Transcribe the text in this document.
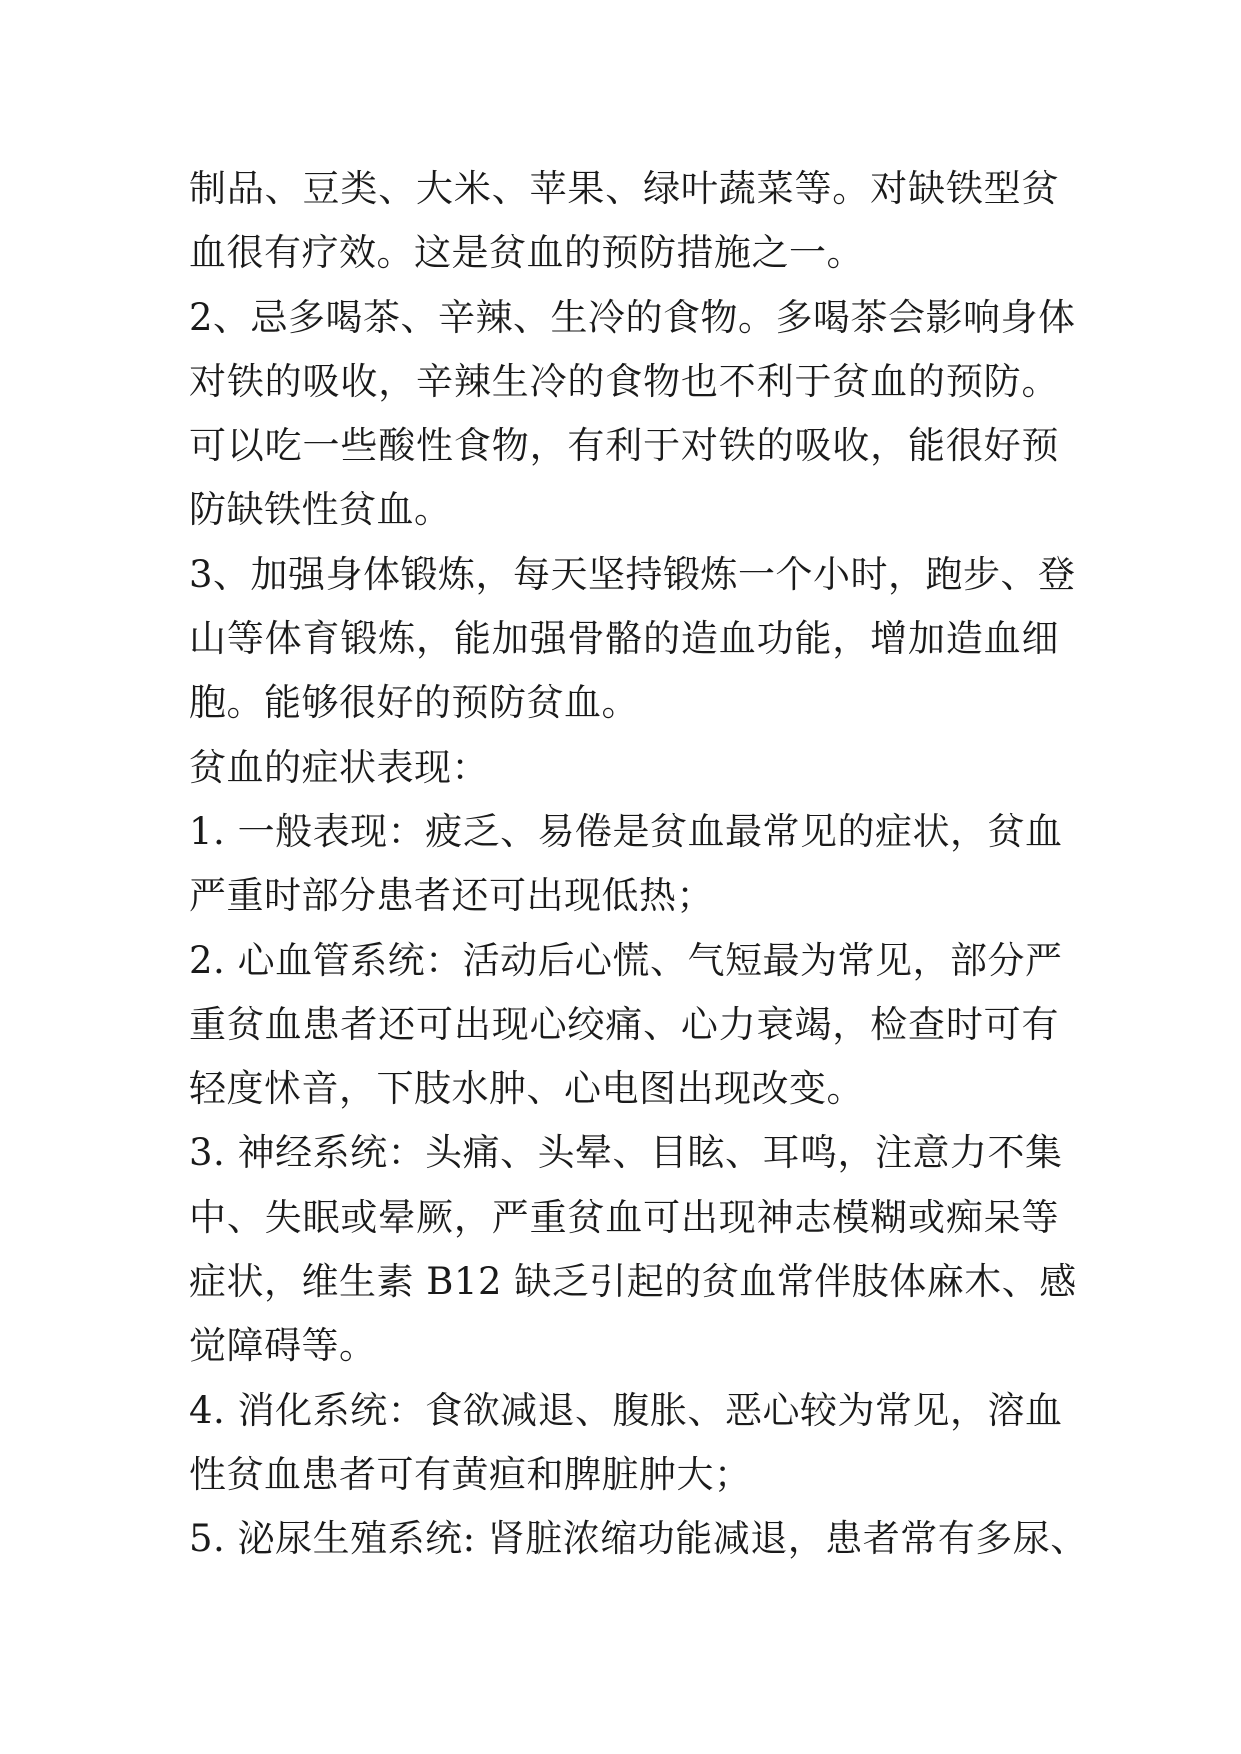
制品、豆类、大米、苹果、绿叶蔬菜等。对缺铁型贫
血很有疗效。这是贫血的预防措施之一。
2、忌多喝茶、辛辣、生冷的食物。多喝茶会影响身体
对铁的吸收，辛辣生冷的食物也不利于贫血的预防。
可以吃一些酸性食物，有利于对铁的吸收，能很好预
防缺铁性贫血。
3、加强身体锻炼，每天坚持锻炼一个小时，跑步、登
山等体育锻炼，能加强骨骼的造血功能，增加造血细
胞。能够很好的预防贫血。
贫血的症状表现：
1. 一般表现：疲乏、易倦是贫血最常见的症状，贫血
严重时部分患者还可出现低热；
2. 心血管系统：活动后心慌、气短最为常见，部分严
重贫血患者还可出现心绞痛、心力衰竭，检查时可有
轻度怵音，下肢水肿、心电图出现改变。
3. 神经系统：头痛、头晕、目眩、耳鸣，注意力不集
中、失眠或晕厥，严重贫血可出现神志模糊或痴呆等
症状，维生素 B12 缺乏引起的贫血常伴肢体麻木、感
觉障碍等。
4. 消化系统：食欲减退、腹胀、恶心较为常见，溶血
性贫血患者可有黄疸和脾脏肿大；
5. 泌尿生殖系统: 肾脏浓缩功能减退，患者常有多尿、
